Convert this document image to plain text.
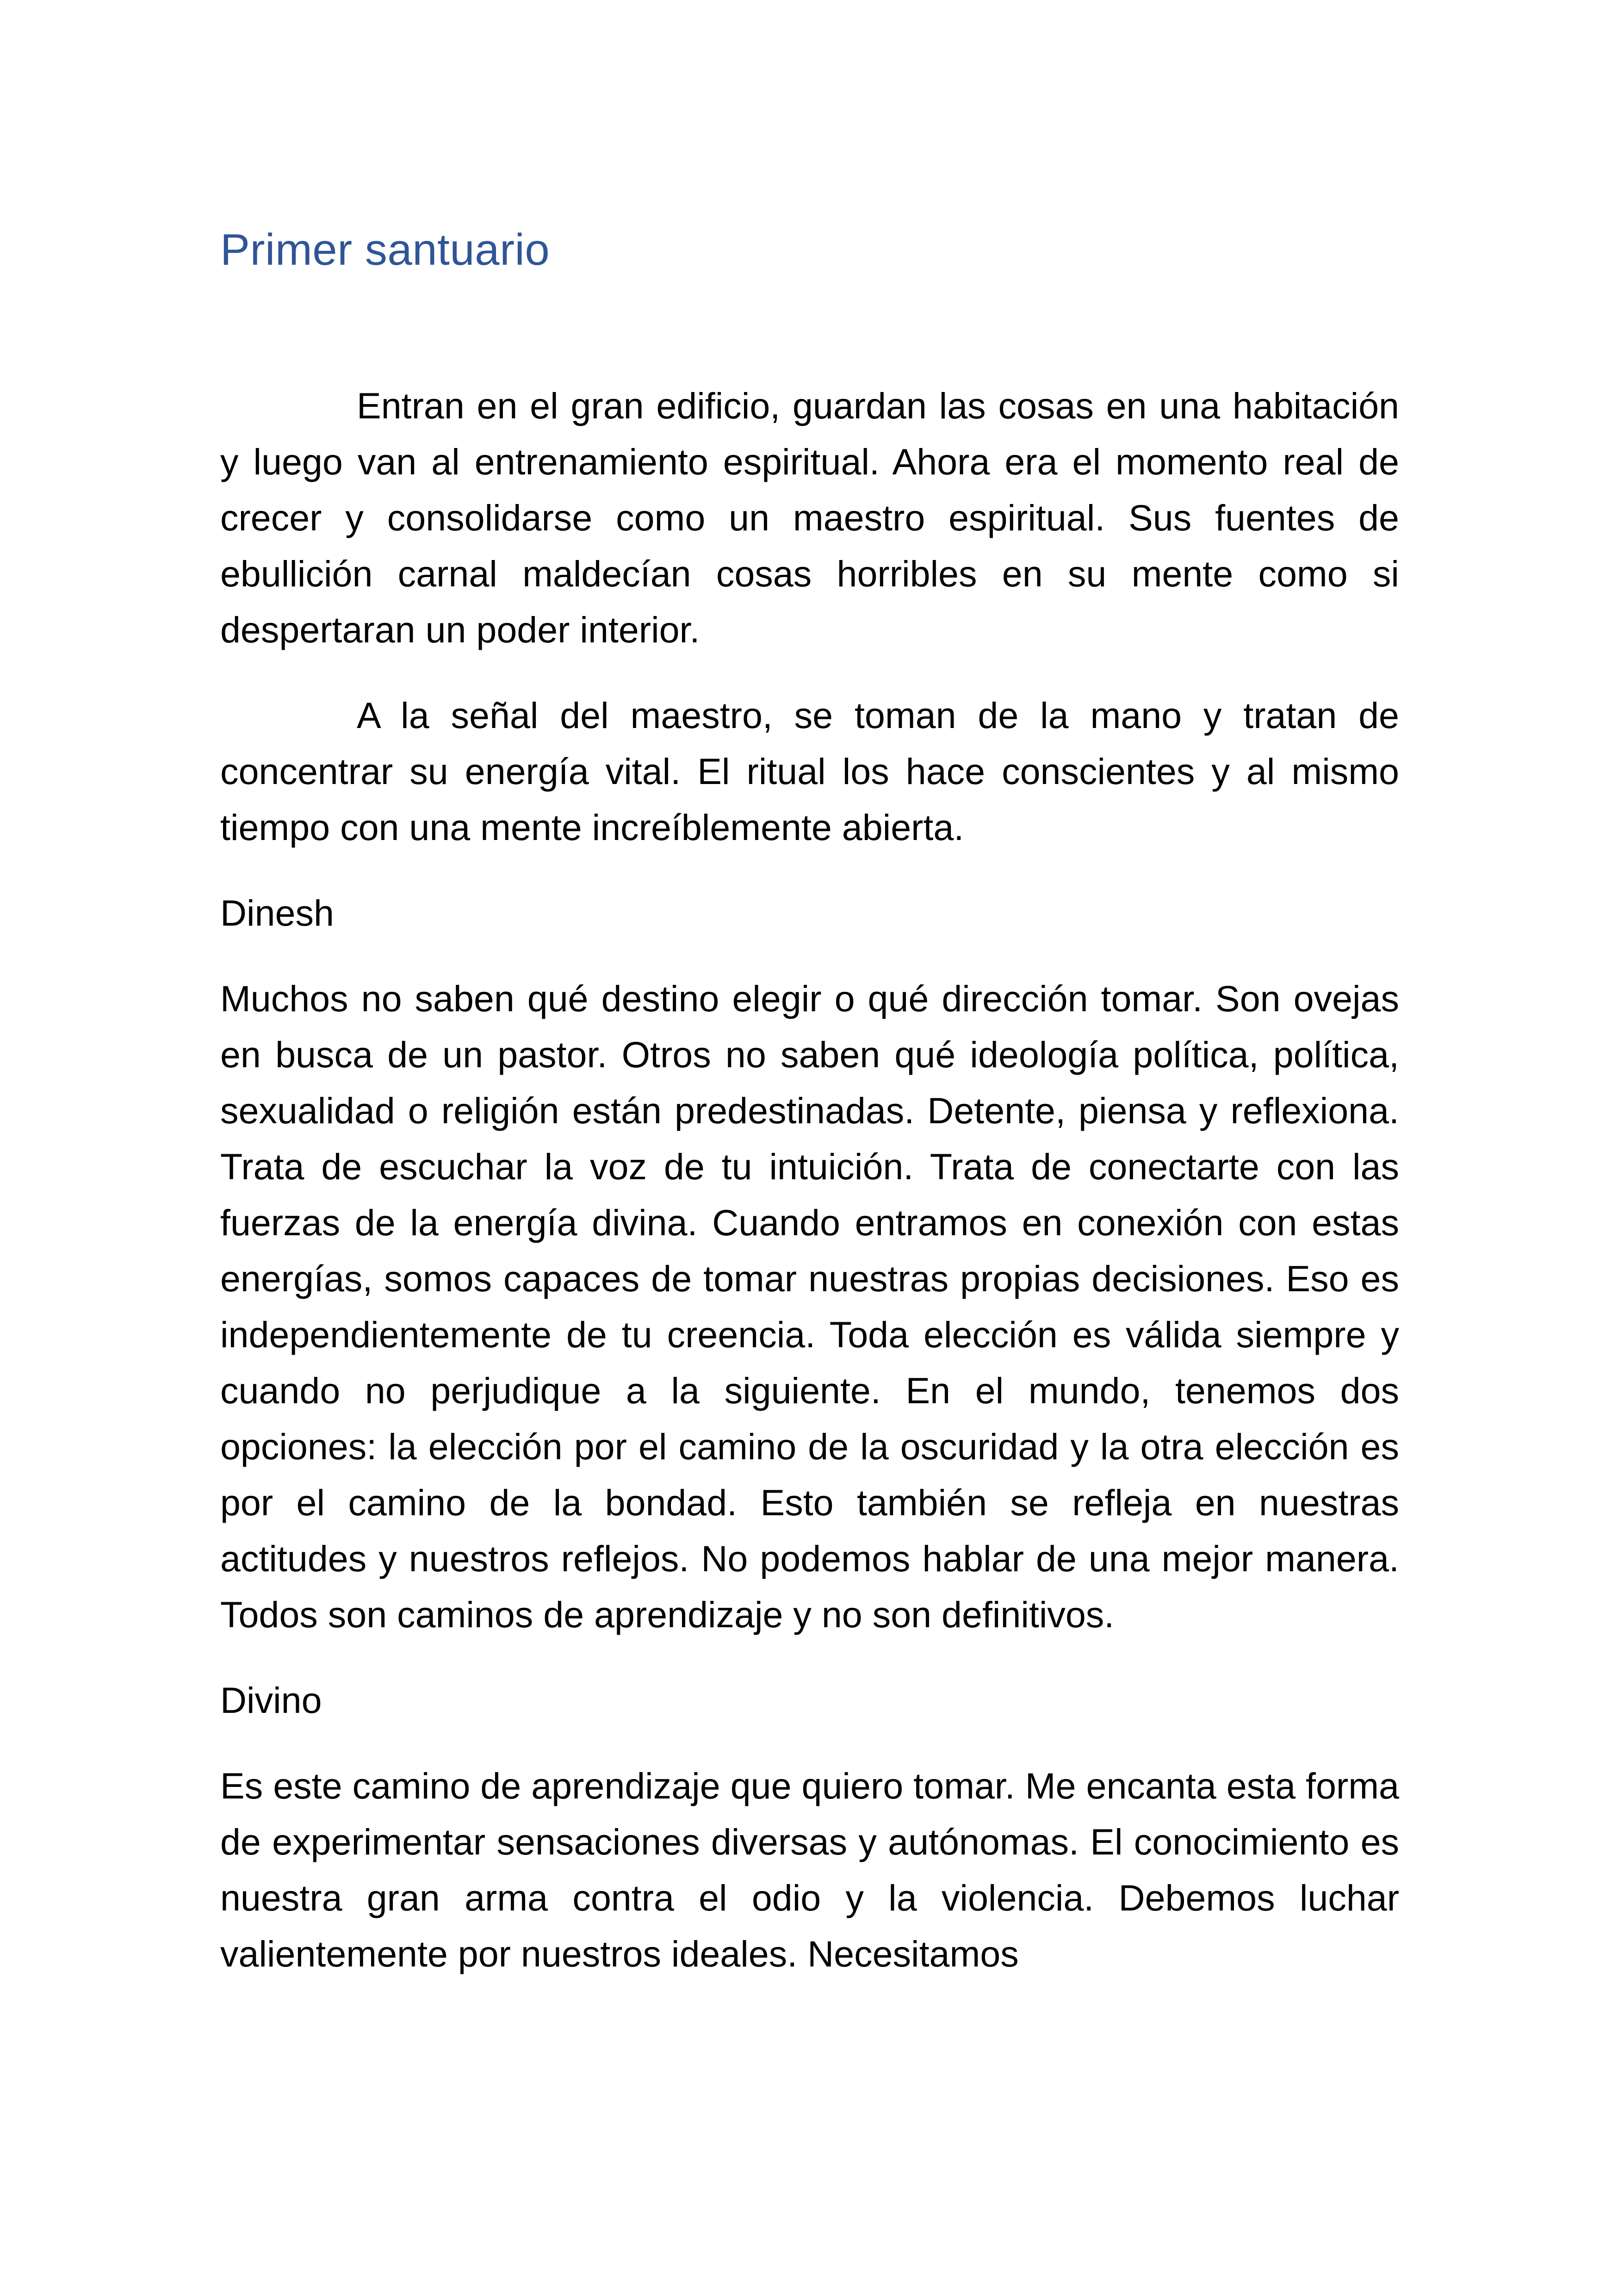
Primer santuario

Entran en el gran edificio, guardan las cosas en una habitación y luego van al entrenamiento espiritual. Ahora era el momento real de crecer y consolidarse como un maestro espiritual. Sus fuentes de ebullición carnal maldecían cosas horribles en su mente como si despertaran un poder interior.

A la señal del maestro, se toman de la mano y tratan de concentrar su energía vital. El ritual los hace conscientes y al mismo tiempo con una mente increíblemente abierta.

Dinesh

Muchos no saben qué destino elegir o qué dirección tomar. Son ovejas en busca de un pastor. Otros no saben qué ideología política, política, sexualidad o religión están predestinadas. Detente, piensa y reflexiona. Trata de escuchar la voz de tu intuición. Trata de conectarte con las fuerzas de la energía divina. Cuando entramos en conexión con estas energías, somos capaces de tomar nuestras propias decisiones. Eso es independientemente de tu creencia. Toda elección es válida siempre y cuando no perjudique a la siguiente. En el mundo, tenemos dos opciones: la elección por el camino de la oscuridad y la otra elección es por el camino de la bondad. Esto también se refleja en nuestras actitudes y nuestros reflejos. No podemos hablar de una mejor manera. Todos son caminos de aprendizaje y no son definitivos.

Divino

Es este camino de aprendizaje que quiero tomar. Me encanta esta forma de experimentar sensaciones diversas y autónomas. El conocimiento es nuestra gran arma contra el odio y la violencia. Debemos luchar valientemente por nuestros ideales. Necesitamos
